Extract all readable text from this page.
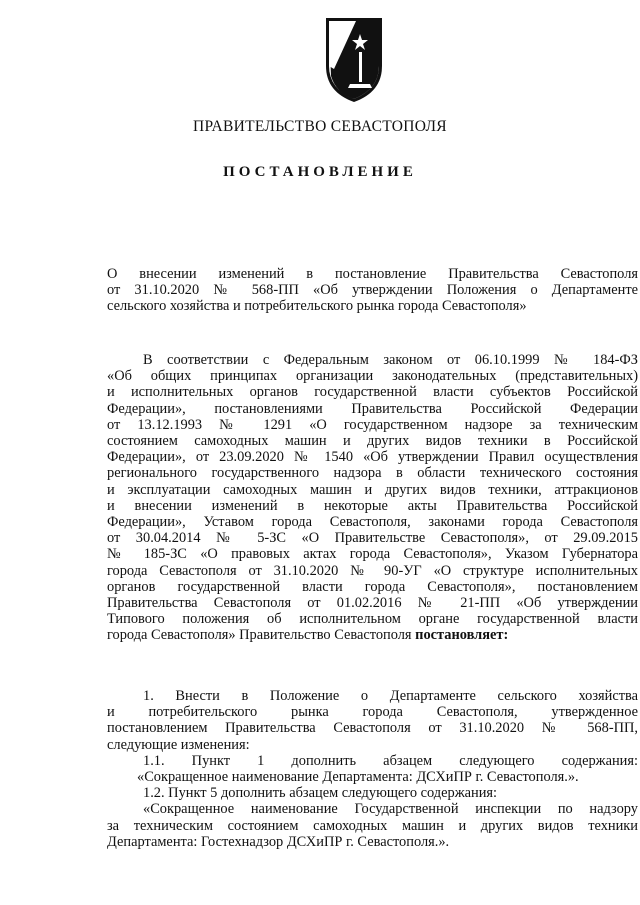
ПРАВИТЕЛЬСТВО СЕВАСТОПОЛЯ
ПОСТАНОВЛЕНИЕ

О внесении изменений в постановление Правительства Севастополя

от 31.10.2020 № 568-ПП «Об утверждении Положения о Департаменте

сельского хозяйства и потребительского рынка города Севастополя»

В соответствии с Федеральным законом от 06.10.1999 № 184-ФЗ

«Об общих принципах организации законодательных (представительных)

и исполнительных органов государственной власти субъектов Российской

Федерации», постановлениями Правительства Российской Федерации

от 13.12.1993 № 1291 «О государственном надзоре за техническим

состоянием самоходных машин и других видов техники в Российской

Федерации», от 23.09.2020 № 1540 «Об утверждении Правил осуществления

регионального государственного надзора в области технического состояния

и эксплуатации самоходных машин и других видов техники, аттракционов

и внесении изменений в некоторые акты Правительства Российской

Федерации», Уставом города Севастополя, законами города Севастополя

от 30.04.2014 № 5-ЗС «О Правительстве Севастополя», от 29.09.2015

№ 185-ЗС «О правовых актах города Севастополя», Указом Губернатора

города Севастополя от 31.10.2020 № 90-УГ «О структуре исполнительных

органов государственной власти города Севастополя», постановлением

Правительства Севастополя от 01.02.2016 № 21-ПП «Об утверждении

Типового положения об исполнительном органе государственной власти

города Севастополя» Правительство Севастополя постановляет:

1. Внести в Положение о Департаменте сельского хозяйства

и потребительского рынка города Севастополя, утвержденное

постановлением Правительства Севастополя от 31.10.2020 № 568-ПП,

следующие изменения:

1.1. Пункт 1 дополнить абзацем следующего содержания:

«Сокращенное наименование Департамента: ДСХиПР г. Севастополя.».

1.2. Пункт 5 дополнить абзацем следующего содержания:

«Сокращенное наименование Государственной инспекции по надзору

за техническим состоянием самоходных машин и других видов техники

Департамента: Гостехнадзор ДСХиПР г. Севастополя.».
